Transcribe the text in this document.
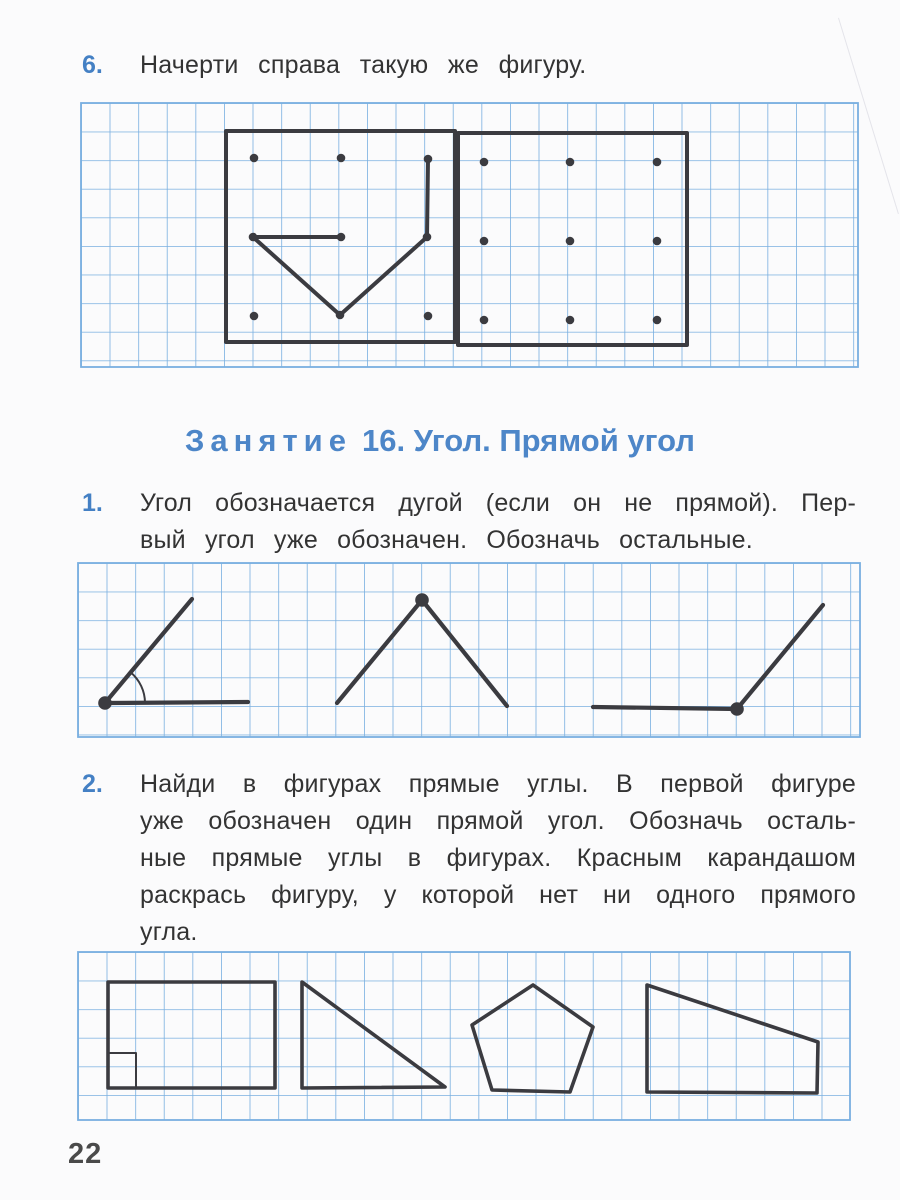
6. Начерти справа такую же фигуру.
Занятие 16. Угол. Прямой угол
1. Угол обозначается дугой (если он не прямой). Пер-
вый угол уже обозначен. Обозначь остальные.
2. Найди в фигурах прямые углы. В первой фигуре
уже обозначен один прямой угол. Обозначь осталь-
ные прямые углы в фигурах. Красным карандашом
раскрась фигуру, у которой нет ни одного прямого
угла.
22
